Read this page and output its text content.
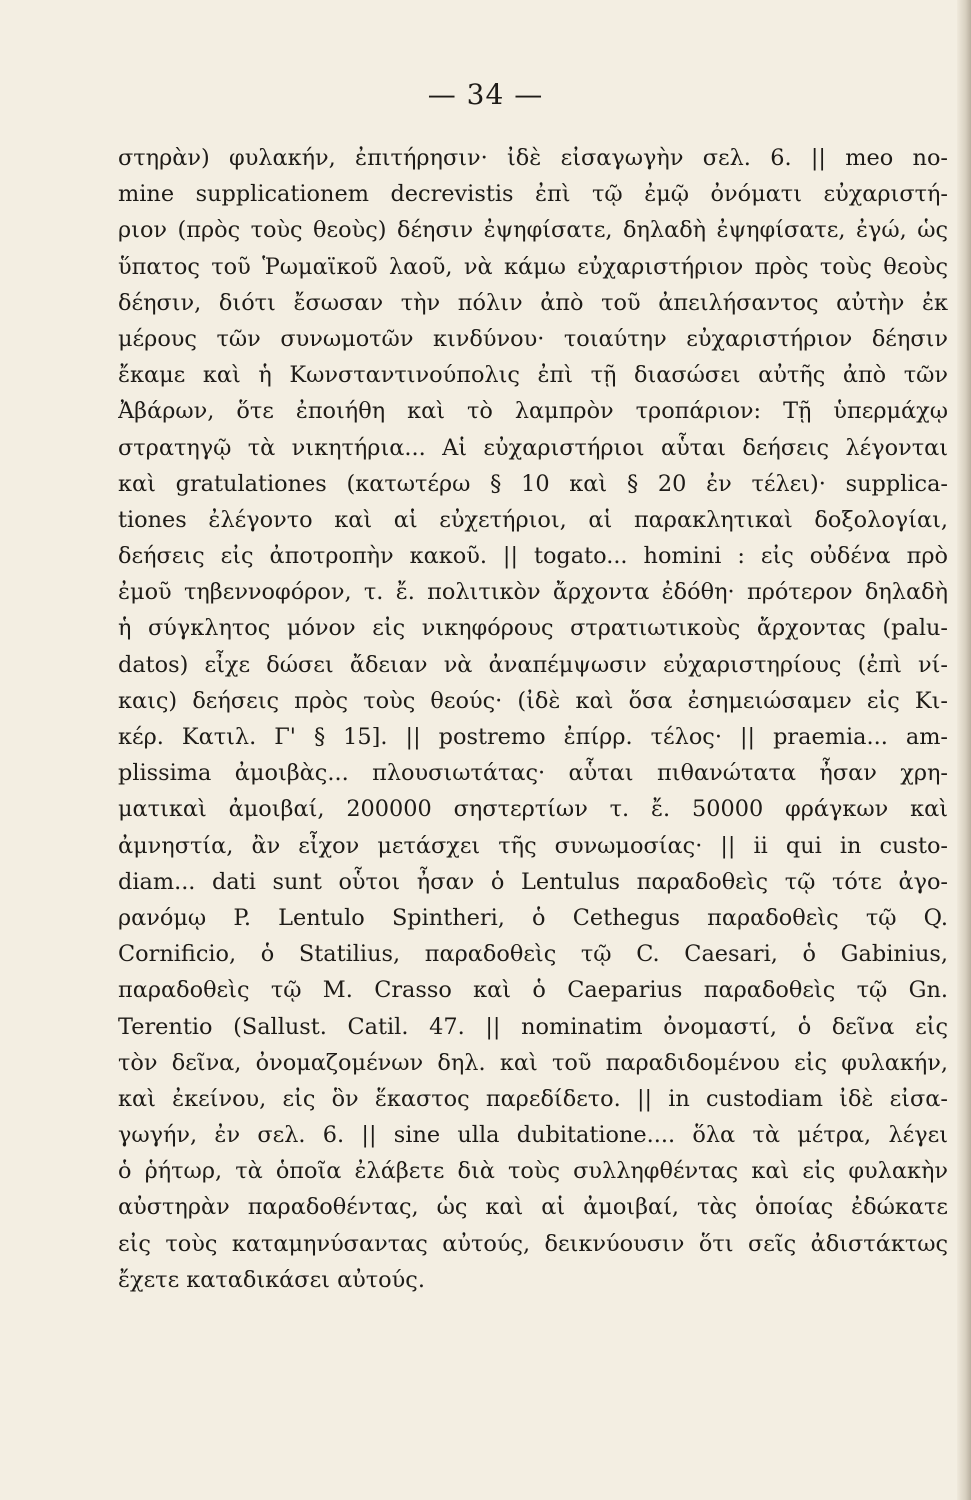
— 34 —
στηρὰν) φυλακήν, ἐπιτήρησιν· ἰδὲ εἰσαγωγὴν σελ. 6. || meo no-
mine supplicationem decrevistis ἐπὶ τῷ ἐμῷ ὀνόματι εὐχαριστή-
ριον (πρὸς τοὺς θεοὺς) δέησιν ἐψηφίσατε, δηλαδὴ ἐψηφίσατε, ἐγώ, ὡς
ὕπατος τοῦ Ῥωμαϊκοῦ λαοῦ, νὰ κάμω εὐχαριστήριον πρὸς τοὺς θεοὺς
δέησιν, διότι ἔσωσαν τὴν πόλιν ἀπὸ τοῦ ἀπειλήσαντος αὐτὴν ἐκ
μέρους τῶν συνωμοτῶν κινδύνου· τοιαύτην εὐχαριστήριον δέησιν
ἔκαμε καὶ ἡ Κωνσταντινούπολις ἐπὶ τῇ διασώσει αὐτῆς ἀπὸ τῶν
Ἀβάρων, ὅτε ἐποιήθη καὶ τὸ λαμπρὸν τροπάριον: Τῇ ὑπερμάχῳ
στρατηγῷ τὰ νικητήρια... Αἱ εὐχαριστήριοι αὗται δεήσεις λέγονται
καὶ gratulationes (κατωτέρω § 10 καὶ § 20 ἐν τέλει)· supplica-
tiones ἐλέγοντο καὶ αἱ εὐχετήριοι, αἱ παρακλητικαὶ δοξολογίαι,
δεήσεις εἰς ἀποτροπὴν κακοῦ. || togato... homini : εἰς οὐδένα πρὸ
ἐμοῦ τηβεννοφόρον, τ. ἔ. πολιτικὸν ἄρχοντα ἐδόθη· πρότερον δηλαδὴ
ἡ σύγκλητος μόνον εἰς νικηφόρους στρατιωτικοὺς ἄρχοντας (palu-
datos) εἶχε δώσει ἄδειαν νὰ ἀναπέμψωσιν εὐχαριστηρίους (ἐπὶ νί-
καις) δεήσεις πρὸς τοὺς θεούς· (ἰδὲ καὶ ὅσα ἐσημειώσαμεν εἰς Κι-
κέρ. Κατιλ. Γ' § 15]. || postremo ἐπίρρ. τέλος· || praemia... am-
plissima ἀμοιβὰς... πλουσιωτάτας· αὗται πιθανώτατα ἦσαν χρη-
ματικαὶ ἀμοιβαί, 200000 σηστερτίων τ. ἔ. 50000 φράγκων καὶ
ἀμνηστία, ἂν εἶχον μετάσχει τῆς συνωμοσίας· || ii qui in custo-
diam... dati sunt οὗτοι ἦσαν ὁ Lentulus παραδοθεὶς τῷ τότε ἀγο-
ρανόμῳ P. Lentulo Spintheri, ὁ Cethegus παραδοθεὶς τῷ Q.
Cornificio, ὁ Statilius, παραδοθεὶς τῷ C. Caesari, ὁ Gabinius,
παραδοθεὶς τῷ M. Crasso καὶ ὁ Caeparius παραδοθεὶς τῷ Gn.
Terentio (Sallust. Catil. 47. || nominatim ὀνομαστί, ὁ δεῖνα εἰς
τὸν δεῖνα, ὀνομαζομένων δηλ. καὶ τοῦ παραδιδομένου εἰς φυλακήν,
καὶ ἐκείνου, εἰς ὃν ἕκαστος παρεδίδετο. || in custodiam ἰδὲ εἰσα-
γωγήν, ἐν σελ. 6. || sine ulla dubitatione.... ὅλα τὰ μέτρα, λέγει
ὁ ῥήτωρ, τὰ ὁποῖα ἐλάβετε διὰ τοὺς συλληφθέντας καὶ εἰς φυλακὴν
αὐστηρὰν παραδοθέντας, ὡς καὶ αἱ ἀμοιβαί, τὰς ὁποίας ἐδώκατε
εἰς τοὺς καταμηνύσαντας αὐτούς, δεικνύουσιν ὅτι σεῖς ἀδιστάκτως
ἔχετε καταδικάσει αὐτούς.
